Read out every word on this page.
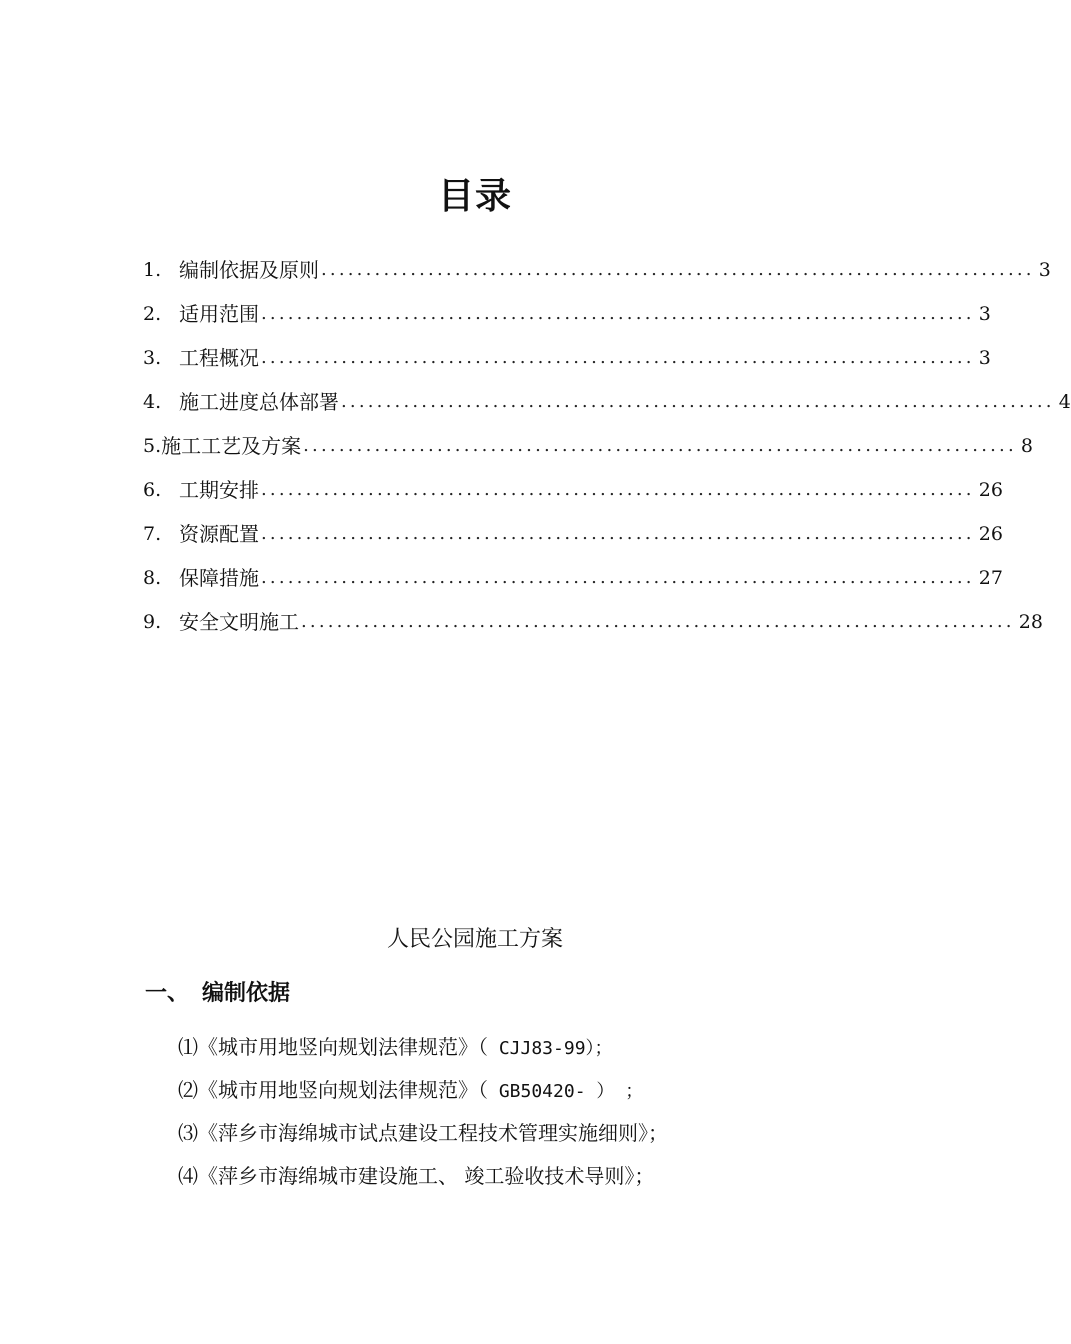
目录
1. 编制依据及原则 ................................................................................ 3
2. 适用范围 ................................................................................ 3
3. 工程概况 ................................................................................ 3
4. 施工进度总体部署 ................................................................................ 4
5. 施工工艺及方案 ................................................................................ 8
6. 工期安排 ................................................................................ 26
7. 资源配置 ................................................................................ 26
8. 保障措施 ................................................................................ 27
9. 安全文明施工 ................................................................................ 28
人民公园施工方案
一、 编制依据
⑴《城市用地竖向规划法律规范》（ CJJ83-99）；
⑵《城市用地竖向规划法律规范》（ GB50420- ） ；
⑶《萍乡市海绵城市试点建设工程技术管理实施细则》；
⑷《萍乡市海绵城市建设施工、 竣工验收技术导则》；
